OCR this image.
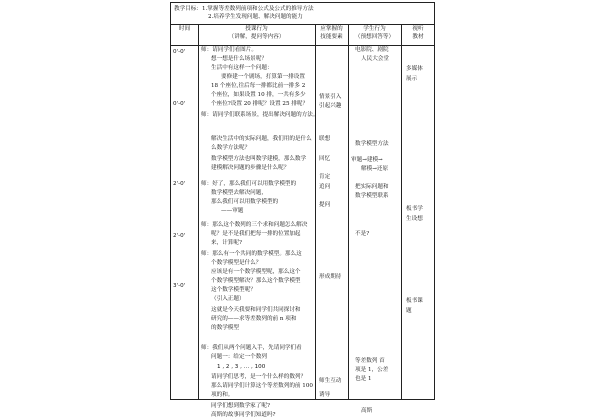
教学目标：1.掌握等差数列前项和公式及公式的推导方法
2.培养学生发现问题、解决问题的能力
时间	授课行为
（讲解，提问等内容）
应掌握的
技能要素
学生行为
（预想回答等）
视听
教材
0'-0'
0'-0'
2'-0'
2'-0'
3'-0'
师：请同学们看图片。
想一想是什么场景呢？
生活中有这样一个问题：
要修建一个剧场，打算第一排设置
18 个座位,往后每一排都比前一排多 2
个座位，如果设置 10 排，一共有多少
个座位?设置 20 排呢？设置 25 排呢？
师：请同学们联系场景，提出解决问题的方法。
解决生活中的实际问题，我们用的是什么
么数学方法呢？
数学模型方法也叫数学建模，那么数学
建模解决问题的步骤是什么呢？
师：好了，那么我们可以用数学模型的
数学模型去解决问题，
那么我们可以用数学模型的
——审题
师：那么这个数列的三个求和问题怎么解决
呢？是不是我们把每一排的位置加起
来，计算呢?
师：那么有一个共同的数学模型。那么这
个数学模型是什么？
应该是有一个数学模型呢，那么这个
个数学模型解决？那么这个数学模型
这个数学模型呢？
（引入正题）
这就是今天我要和同学们共同探讨和
研究的——求等差数列的前 n 项和
的数学模型
师：我们从两个问题入手，先请同学们看
问题一：给定一个数列
1 , 2 , 3 , … , 100
请同学们思考，是一个什么样的数列？
那么请同学们计算这个等差数列的前 100
项的和。
同学们想到数学家了呢?
高斯的故事同学们知道吗?
情景引入
引起兴趣
联想
回忆
肯定
追问
提问
形成期待
师生互动
诱导
电影院、剧院
人民大会堂
数学模型方法
审题→建模→
解模→还原
把实际问题和
数学模型联系
不是?
等差数列 首
项是 1，公差
也是 1
高斯
多媒体
展示
板书学
生设想
板书课
题
